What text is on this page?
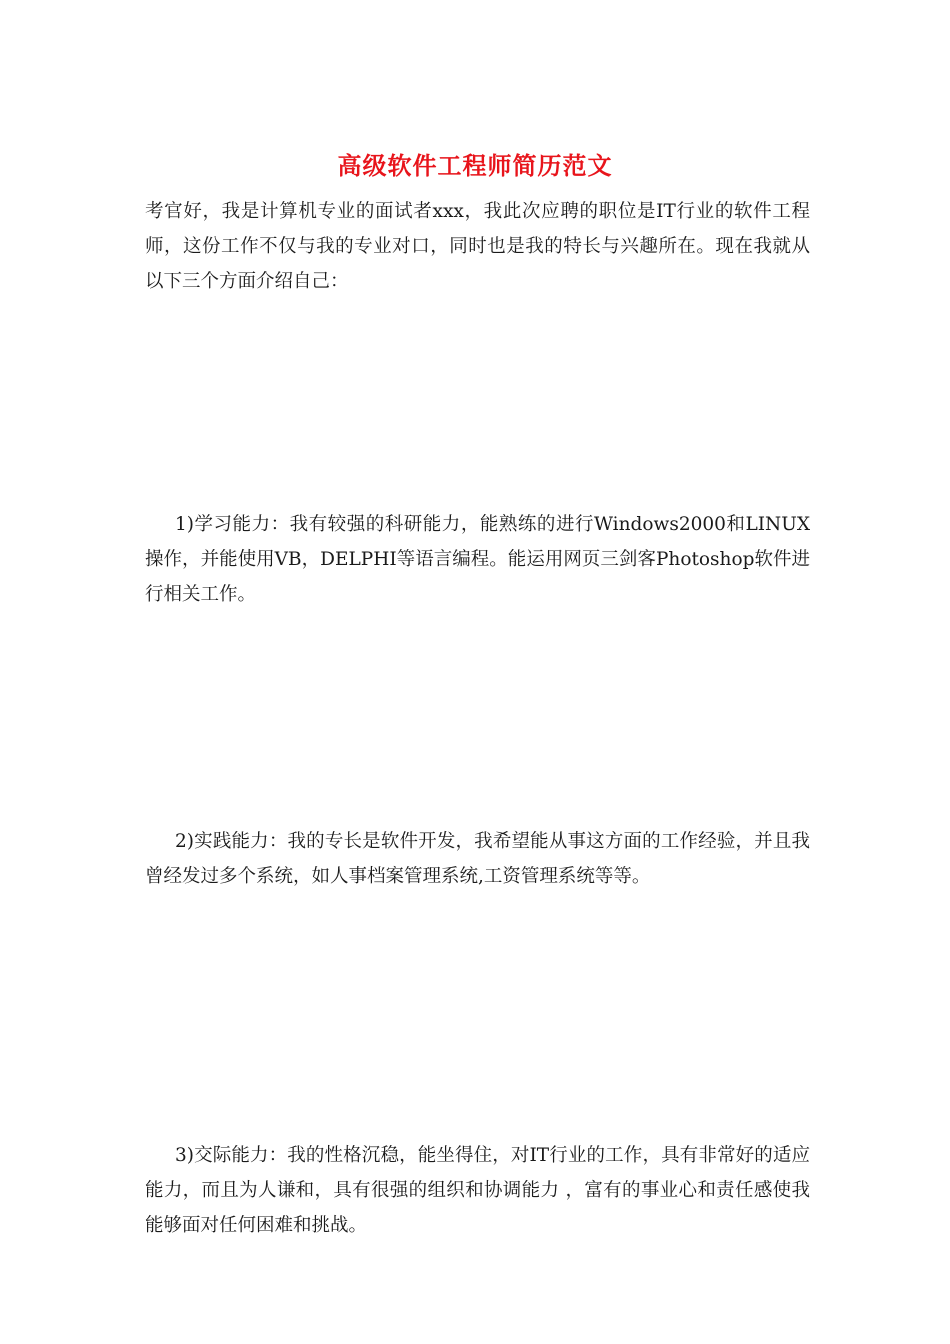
高级软件工程师简历范文

考官好，我是计算机专业的面试者xxx，我此次应聘的职位是IT行业的软件工程师，这份工作不仅与我的专业对口，同时也是我的特长与兴趣所在。现在我就从以下三个方面介绍自己：

1)学习能力：我有较强的科研能力，能熟练的进行Windows2000和LINUX操作，并能使用VB，DELPHI等语言编程。能运用网页三剑客Photoshop软件进行相关工作。

2)实践能力：我的专长是软件开发，我希望能从事这方面的工作经验，并且我曾经发过多个系统，如人事档案管理系统,工资管理系统等等。

3)交际能力：我的性格沉稳，能坐得住，对IT行业的工作，具有非常好的适应能力，而且为人谦和，具有很强的组织和协调能力 ，富有的事业心和责任感使我能够面对任何困难和挑战。
